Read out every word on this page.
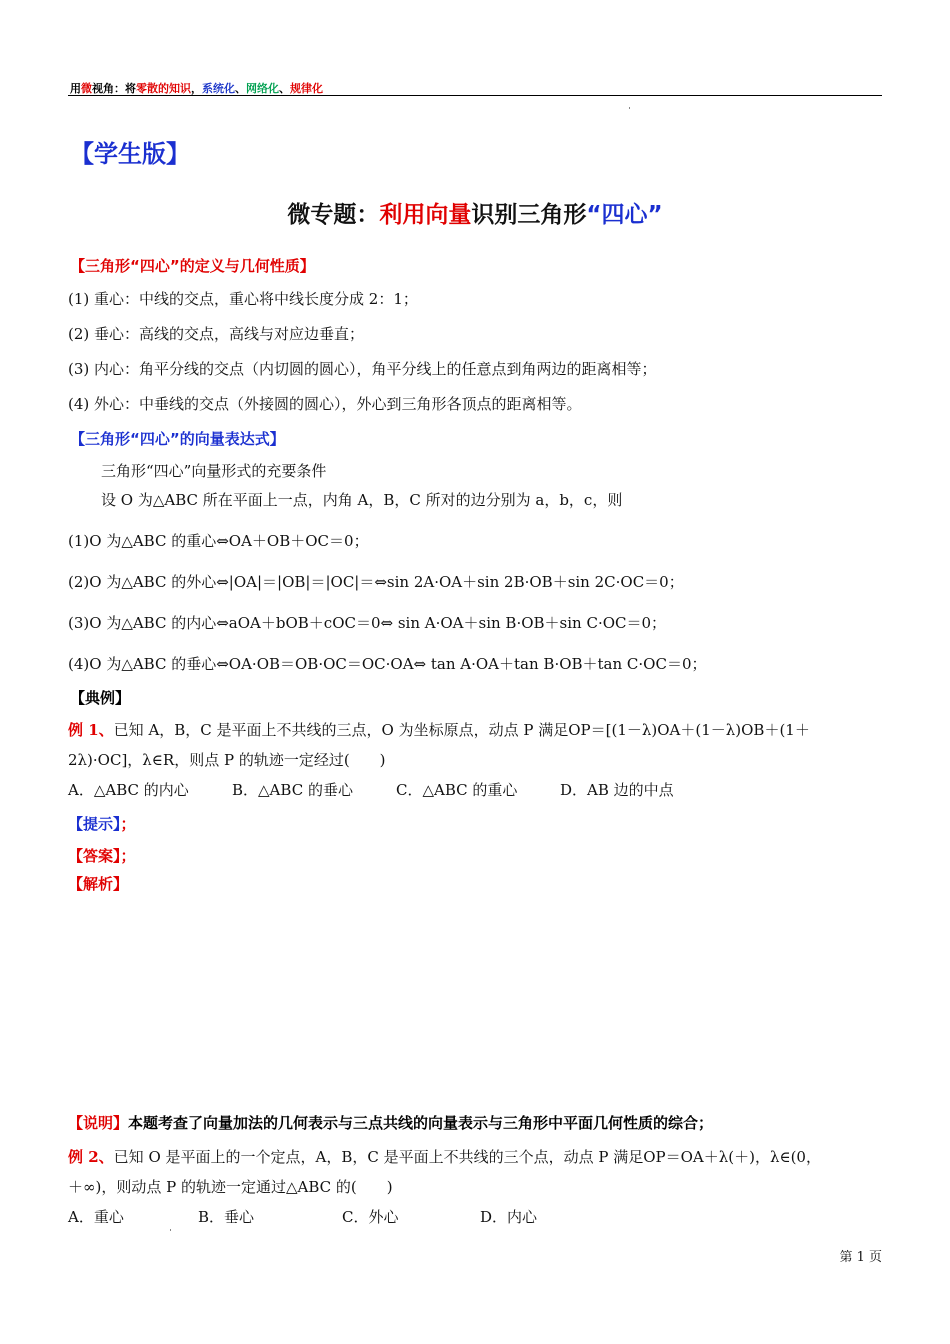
用微视角：将零散的知识，系统化、网络化、规律化
【学生版】
微专题：利用向量识别三角形“四心”
【三角形“四心”的定义与几何性质】
(1) 重心：中线的交点，重心将中线长度分成 2：1；
(2) 垂心：高线的交点，高线与对应边垂直；
(3) 内心：角平分线的交点（内切圆的圆心），角平分线上的任意点到角两边的距离相等；
(4) 外心：中垂线的交点（外接圆的圆心），外心到三角形各顶点的距离相等。
【三角形“四心”的向量表达式】
三角形“四心”向量形式的充要条件
设 O 为△ABC 所在平面上一点，内角 A，B，C 所对的边分别为 a，b，c，则
(1)O 为△ABC 的重心⇔OA＋OB＋OC＝0；
(2)O 为△ABC 的外心⇔|OA|＝|OB|＝|OC|＝⇔sin 2A·OA＋sin 2B·OB＋sin 2C·OC＝0；
(3)O 为△ABC 的内心⇔aOA＋bOB＋cOC＝0⇔ sin A·OA＋sin B·OB＋sin C·OC＝0；
(4)O 为△ABC 的垂心⇔OA·OB＝OB·OC＝OC·OA⇔ tan A·OA＋tan B·OB＋tan C·OC＝0；
【典例】
例 1、已知 A，B，C 是平面上不共线的三点，O 为坐标原点，动点 P 满足OP＝[(1－λ)OA＋(1－λ)OB＋(1＋
2λ)·OC]，λ∈R，则点 P 的轨迹一定经过(　　)
A．△ABC 的内心	B．△ABC 的垂心	C．△ABC 的重心	D．AB 边的中点
【提示】；
【答案】；
【解析】
【说明】本题考查了向量加法的几何表示与三点共线的向量表示与三角形中平面几何性质的综合；
例 2、已知 O 是平面上的一个定点，A，B，C 是平面上不共线的三个点，动点 P 满足OP＝OA＋λ(＋)，λ∈(0，
＋∞)，则动点 P 的轨迹一定通过△ABC 的(　　)
A．重心	B．垂心	C．外心	D．内心
第 1 页
